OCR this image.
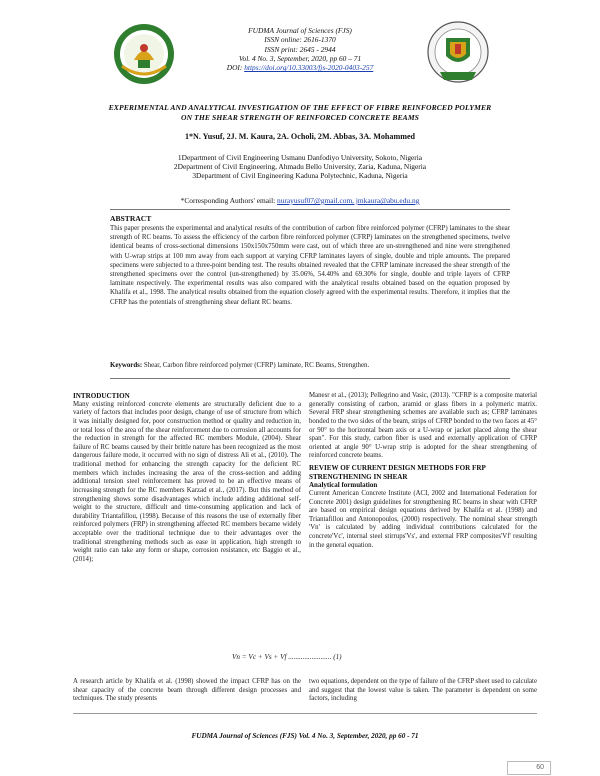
FUDMA Journal of Sciences (FJS)
ISSN online: 2616-1370
ISSN print: 2645 - 2944
Vol. 4 No. 3, September, 2020, pp 60 – 71
DOI: https://doi.org/10.33003/fjs-2020-0403-257
EXPERIMENTAL AND ANALYTICAL INVESTIGATION OF THE EFFECT OF FIBRE REINFORCED POLYMER
ON THE SHEAR STRENGTH OF REINFORCED CONCRETE BEAMS
1*N. Yusuf, 2J. M. Kaura, 2A. Ocholi, 2M. Abbas, 3A. Mohammed
1Department of Civil Engineering Usmanu Danfodiyo University, Sokoto, Nigeria
2Department of Civil Engineering, Ahmadu Bello University, Zaria, Kaduna, Nigeria
3Department of Civil Engineering Kaduna Polytechnic, Kaduna, Nigeria
*Corresponding Authors' email: nurayusuf07@gmail.com, jmkaura@abu.edu.ng
ABSTRACT
This paper presents the experimental and analytical results of the contribution of carbon fibre reinforced polymer (CFRP) laminates to the shear strength of RC beams. To assess the efficiency of the carbon fibre reinforced polymer (CFRP) laminates on the strengthened specimens, twelve identical beams of cross-sectional dimensions 150x150x750mm were cast, out of which three are un-strengthened and nine were strengthened with U-wrap strips at 100 mm away from each support at varying CFRP laminates layers of single, double and triple amounts. The prepared specimens were subjected to a three-point bending test. The results obtained revealed that the CFRP laminate increased the shear strength of the strengthened specimens over the control (un-strengthened) by 35.06%, 54.40% and 69.30% for single, double and triple layers of CFRP laminate respectively. The experimental results was also compared with the analytical results obtained based on the equation proposed by Khalifa et al., 1998. The analytical results obtained from the equation closely agreed with the experimental results. Therefore, it implies that the CFRP has the potentials of strengthening shear defiant RC beams.
Keywords: Shear, Carbon fibre reinforced polymer (CFRP) laminate, RC Beams, Strengthen.
INTRODUCTION
Many existing reinforced concrete elements are structurally deficient due to a variety of factors that includes poor design, change of use of structure from which it was initially designed for, poor construction method or quality and reduction in, or total loss of the area of the shear reinforcement due to corrosion all accounts for the reduction in strength for the affected RC members Module, (2004). Shear failure of RC beams caused by their brittle nature has been recognized as the most dangerous failure mode, it occurred with no sign of distress Ali et al., (2010). The traditional method for enhancing the strength capacity for the deficient RC members which includes increasing the area of the cross-section and adding additional tension steel reinforcement has proved to be an effective means of increasing strength for the RC members Karzad et al., (2017). But this method of strengthening shows some disadvantages which include adding additional self-weight to the structure, difficult and time-consuming application and lack of durability Triantafillou, (1998). Because of this reasons the use of externally fiber reinforced polymers (FRP) in strengthening affected RC members became widely acceptable over the traditional technique due to their advantages over the traditional strengthening methods such as ease in application, high strength to weight ratio can take any form or shape, corrosion resistance, etc Baggio et al., (2014);
Manesr et al., (2013); Pellegrino and Vasic, (2013). "CFRP is a composite material generally consisting of carbon, aramid or glass fibers in a polymeric matrix. Several FRP shear strengthening schemes are available such as; CFRP laminates bonded to the two sides of the beam, strips of CFRP bonded to the two faces at 45° or 90° to the horizontal beam axis or a U-wrap or jacket placed along the shear span". For this study, carbon fiber is used and externally application of CFRP oriented at angle 90° U-wrap strip is adopted for the shear strengthening of reinforced concrete beams.
REVIEW OF CURRENT DESIGN METHODS FOR FRP STRENGTHENING IN SHEAR
Analytical formulation
Current American Concrete Institute (ACI, 2002 and International Federation for Concrete 2001) design guidelines for strengthening RC beams in shear with CFRP are based on empirical design equations derived by Khalifa et al. (1998) and Triantafillou and Antonopoulos, (2000) respectively. The nominal shear strength 'Vn' is calculated by adding individual contributions calculated for the concrete'Vc', internal steel stirrups'Vs', and external FRP composites'Vf' resulting in the general equation.
Vn = Vc + Vs + Vf ........................ (1)
A research article by Khalifa et al. (1998) showed the impact CFRP has on the shear capacity of the concrete beam through different design processes and techniques. The study presents
two equations, dependent on the type of failure of the CFRP sheet used to calculate and suggest that the lowest value is taken. The parameter is dependent on some factors, including
FUDMA Journal of Sciences (FJS) Vol. 4 No. 3, September, 2020, pp 60 - 71
60
